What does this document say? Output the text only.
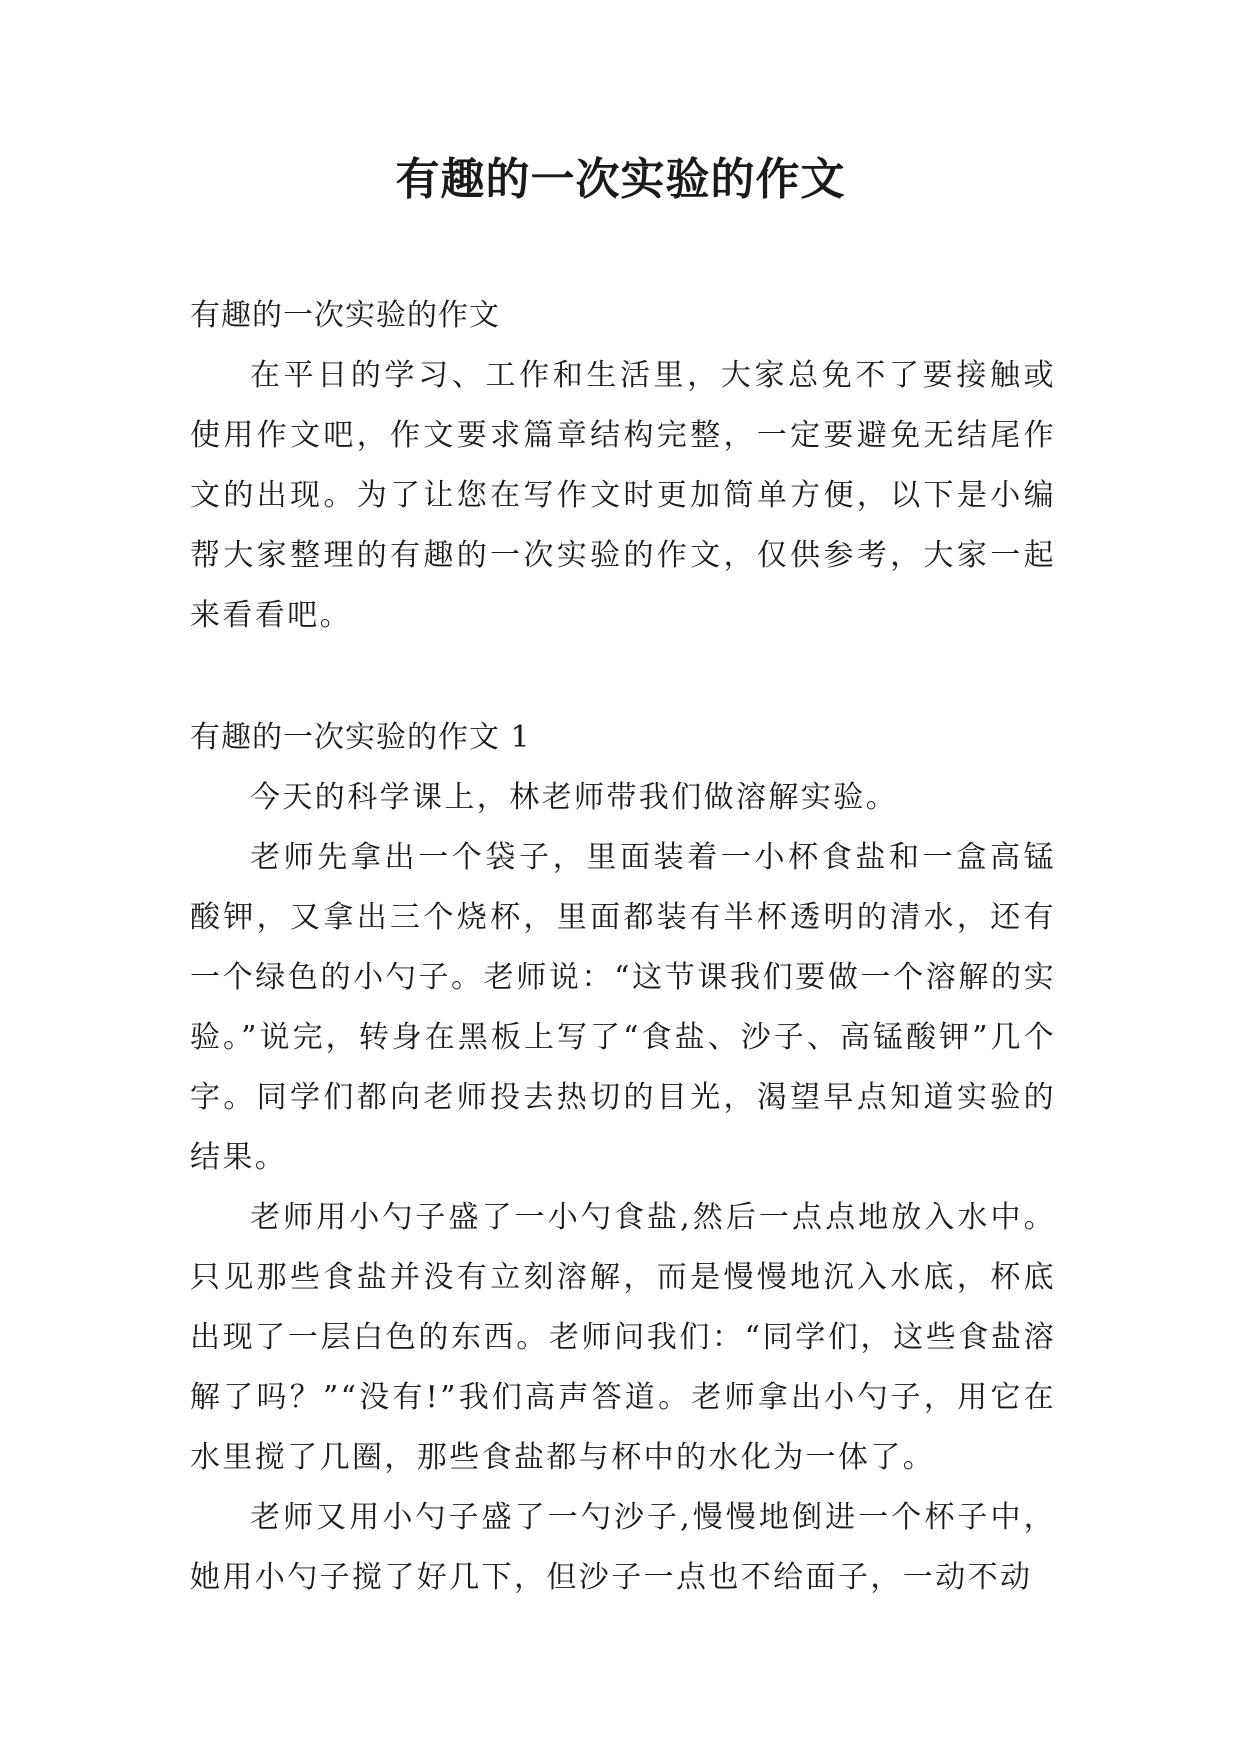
有趣的一次实验的作文

有趣的一次实验的作文

在平日的学习、工作和生活里，大家总免不了要接触或使用作文吧，作文要求篇章结构完整，一定要避免无结尾作文的出现。为了让您在写作文时更加简单方便，以下是小编帮大家整理的有趣的一次实验的作文，仅供参考，大家一起来看看吧。

有趣的一次实验的作文 1

今天的科学课上，林老师带我们做溶解实验。

老师先拿出一个袋子，里面装着一小杯食盐和一盒高锰酸钾，又拿出三个烧杯，里面都装有半杯透明的清水，还有一个绿色的小勺子。老师说：“这节课我们要做一个溶解的实验。”说完，转身在黑板上写了“食盐、沙子、高锰酸钾”几个字。同学们都向老师投去热切的目光，渴望早点知道实验的结果。

老师用小勺子盛了一小勺食盐,然后一点点地放入水中。只见那些食盐并没有立刻溶解，而是慢慢地沉入水底，杯底出现了一层白色的东西。老师问我们：“同学们，这些食盐溶解了吗？”“没有!”我们高声答道。老师拿出小勺子，用它在水里搅了几圈，那些食盐都与杯中的水化为一体了。

老师又用小勺子盛了一勺沙子,慢慢地倒进一个杯子中，她用小勺子搅了好几下，但沙子一点也不给面子，一动不动
